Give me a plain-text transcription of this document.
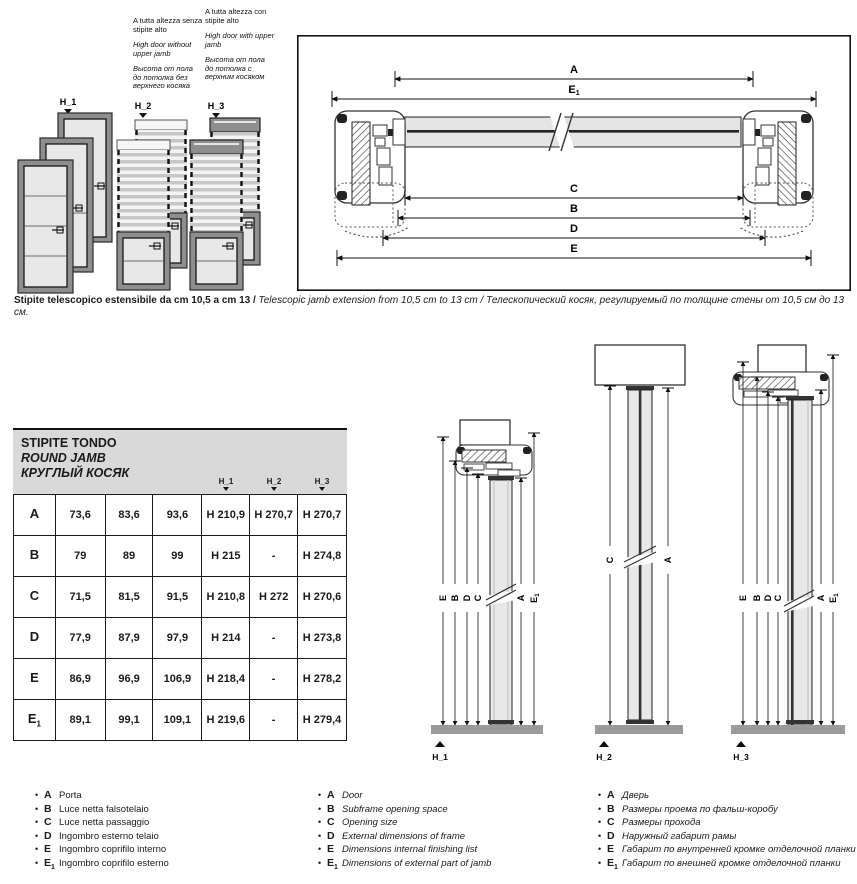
A tutta altezza senza stipite alto

High door without upper jamb

Высота от пола до потолка без верхнего косяка

A tutta altezza con stipite alto

High door with upper jamb

Высота от пола до потолка с верхним косяком

H_1	H_2	H_3
A
E1
C
B
D
E
Stipite telescopico estensibile da cm 10,5 a cm 13 / Telescopic jamb extension from 10,5 cm to 13 cm / Телескопический косяк, регулируемый по толщине стены от 10,5 см до 13 см.
STIPITE TONDO
ROUND JAMB
КРУГЛЫЙ КОСЯК
H_1	H_2	H_3
A	73,6	83,6	93,6	H 210,9	H 270,7	H 270,7
B	79	89	99	H 215	-	H 274,8
C	71,5	81,5	91,5	H 210,8	H 272	H 270,6
D	77,9	87,9	97,9	H 214	-	H 273,8
E	86,9	96,9	106,9	H 218,4	-	H 278,2
$E_1$	89,1	99,1	109,1	H 219,6	-	H 279,4
E B D C	A $E_1$
H_1
C	A
H_2
E B D C	A $E_1$
H_3
• A Porta
• B Luce netta falsotelaio
• C Luce netta passaggio
• D Ingombro esterno telaio
• E Ingombro coprifilo interno
• $E_1$ Ingombro coprifilo esterno
• A Door
• B Subframe opening space
• C Opening size
• D External dimensions of frame
• E Dimensions internal finishing list
• $E_1$ Dimensions of external part of jamb
• A Дверь
• B Размеры проема по фальш-коробу
• C Размеры прохода
• D Наружный габарит рамы
• E Габарит по внутренней кромке отделочной планки
• $E_1$ Габарит по внешней кромке отделочной планки
